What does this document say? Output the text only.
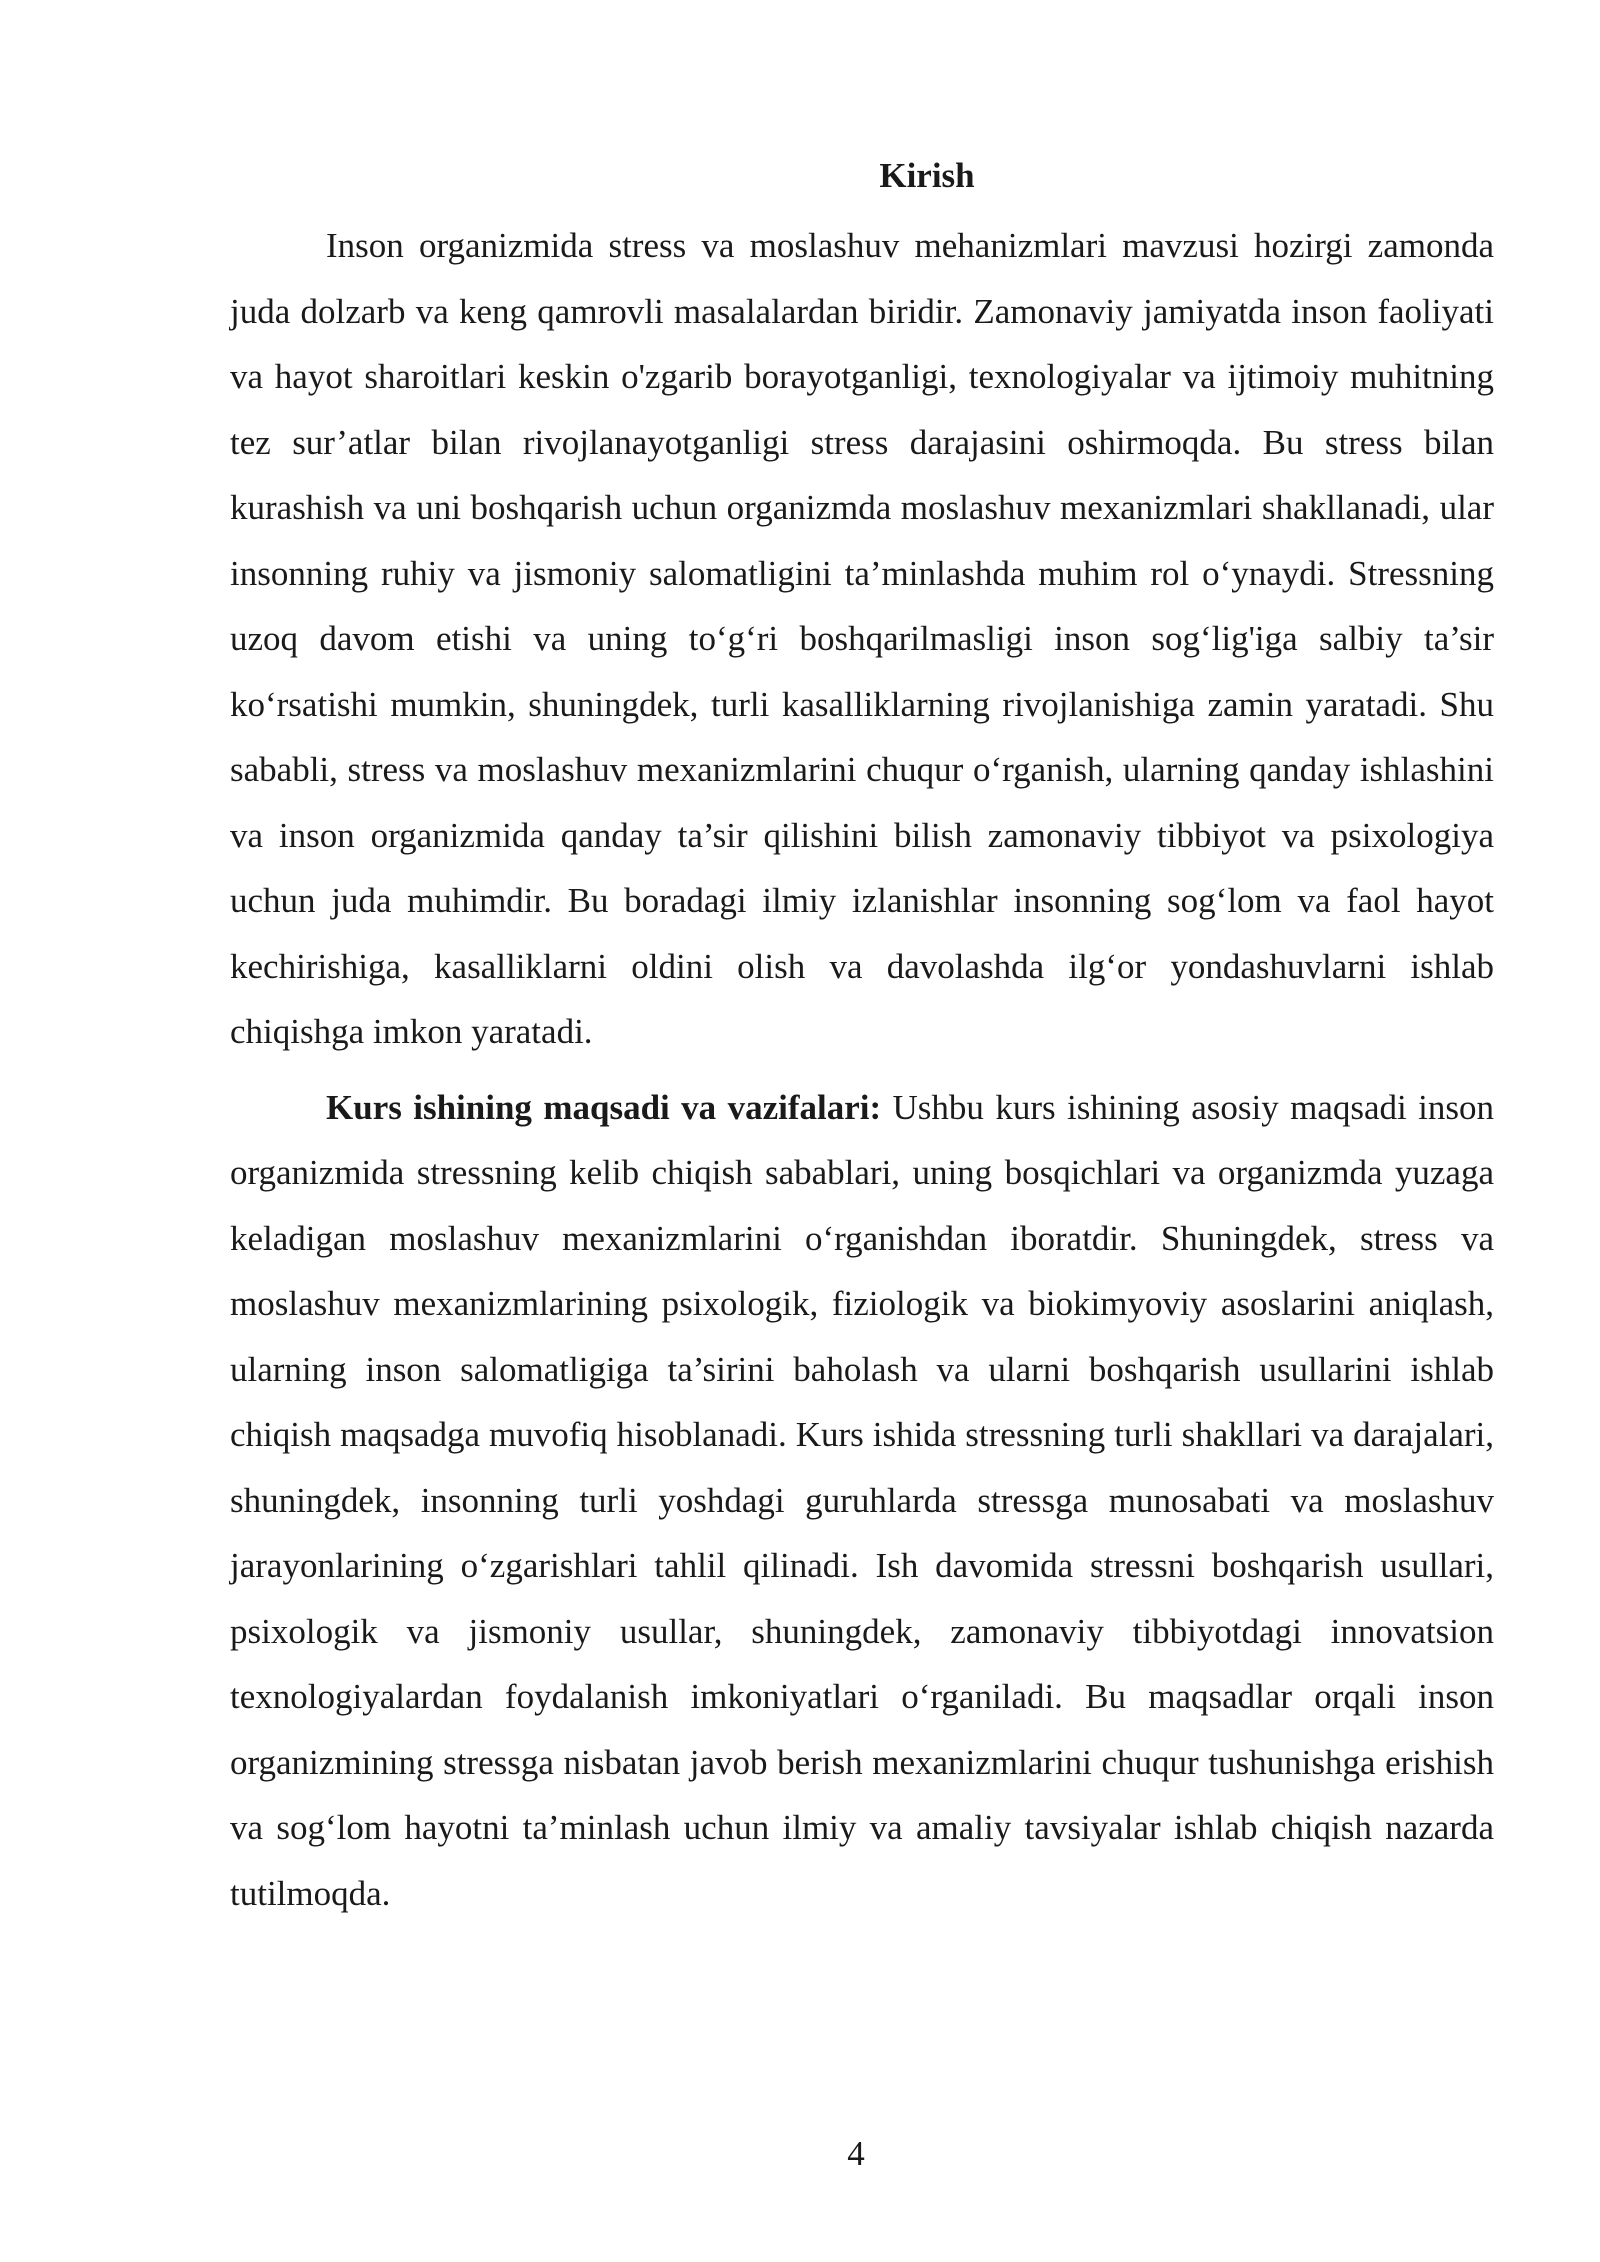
Kirish

Inson organizmida stress va moslashuv mehanizmlari mavzusi hozirgi zamonda juda dolzarb va keng qamrovli masalalardan biridir. Zamonaviy jamiyatda inson faoliyati va hayot sharoitlari keskin o'zgarib borayotganligi, texnologiyalar va ijtimoiy muhitning tez sur’atlar bilan rivojlanayotganligi stress darajasini oshirmoqda. Bu stress bilan kurashish va uni boshqarish uchun organizmda moslashuv mexanizmlari shakllanadi, ular insonning ruhiy va jismoniy salomatligini ta’minlashda muhim rol o‘ynaydi. Stressning uzoq davom etishi va uning to‘g‘ri boshqarilmasligi inson sog‘lig'iga salbiy ta’sir ko‘rsatishi mumkin, shuningdek, turli kasalliklarning rivojlanishiga zamin yaratadi. Shu sababli, stress va moslashuv mexanizmlarini chuqur o‘rganish, ularning qanday ishlashini va inson organizmida qanday ta’sir qilishini bilish zamonaviy tibbiyot va psixologiya uchun juda muhimdir. Bu boradagi ilmiy izlanishlar insonning sog‘lom va faol hayot kechirishiga, kasalliklarni oldini olish va davolashda ilg‘or yondashuvlarni ishlab chiqishga imkon yaratadi.

Kurs ishining maqsadi va vazifalari: Ushbu kurs ishining asosiy maqsadi inson organizmida stressning kelib chiqish sabablari, uning bosqichlari va organizmda yuzaga keladigan moslashuv mexanizmlarini o‘rganishdan iboratdir. Shuningdek, stress va moslashuv mexanizmlarining psixologik, fiziologik va biokimyoviy asoslarini aniqlash, ularning inson salomatligiga ta’sirini baholash va ularni boshqarish usullarini ishlab chiqish maqsadga muvofiq hisoblanadi. Kurs ishida stressning turli shakllari va darajalari, shuningdek, insonning turli yoshdagi guruhlarda stressga munosabati va moslashuv jarayonlarining o‘zgarishlari tahlil qilinadi. Ish davomida stressni boshqarish usullari, psixologik va jismoniy usullar, shuningdek, zamonaviy tibbiyotdagi innovatsion texnologiyalardan foydalanish imkoniyatlari o‘rganiladi. Bu maqsadlar orqali inson organizmining stressga nisbatan javob berish mexanizmlarini chuqur tushunishga erishish va sog‘lom hayotni ta’minlash uchun ilmiy va amaliy tavsiyalar ishlab chiqish nazarda tutilmoqda.

4
